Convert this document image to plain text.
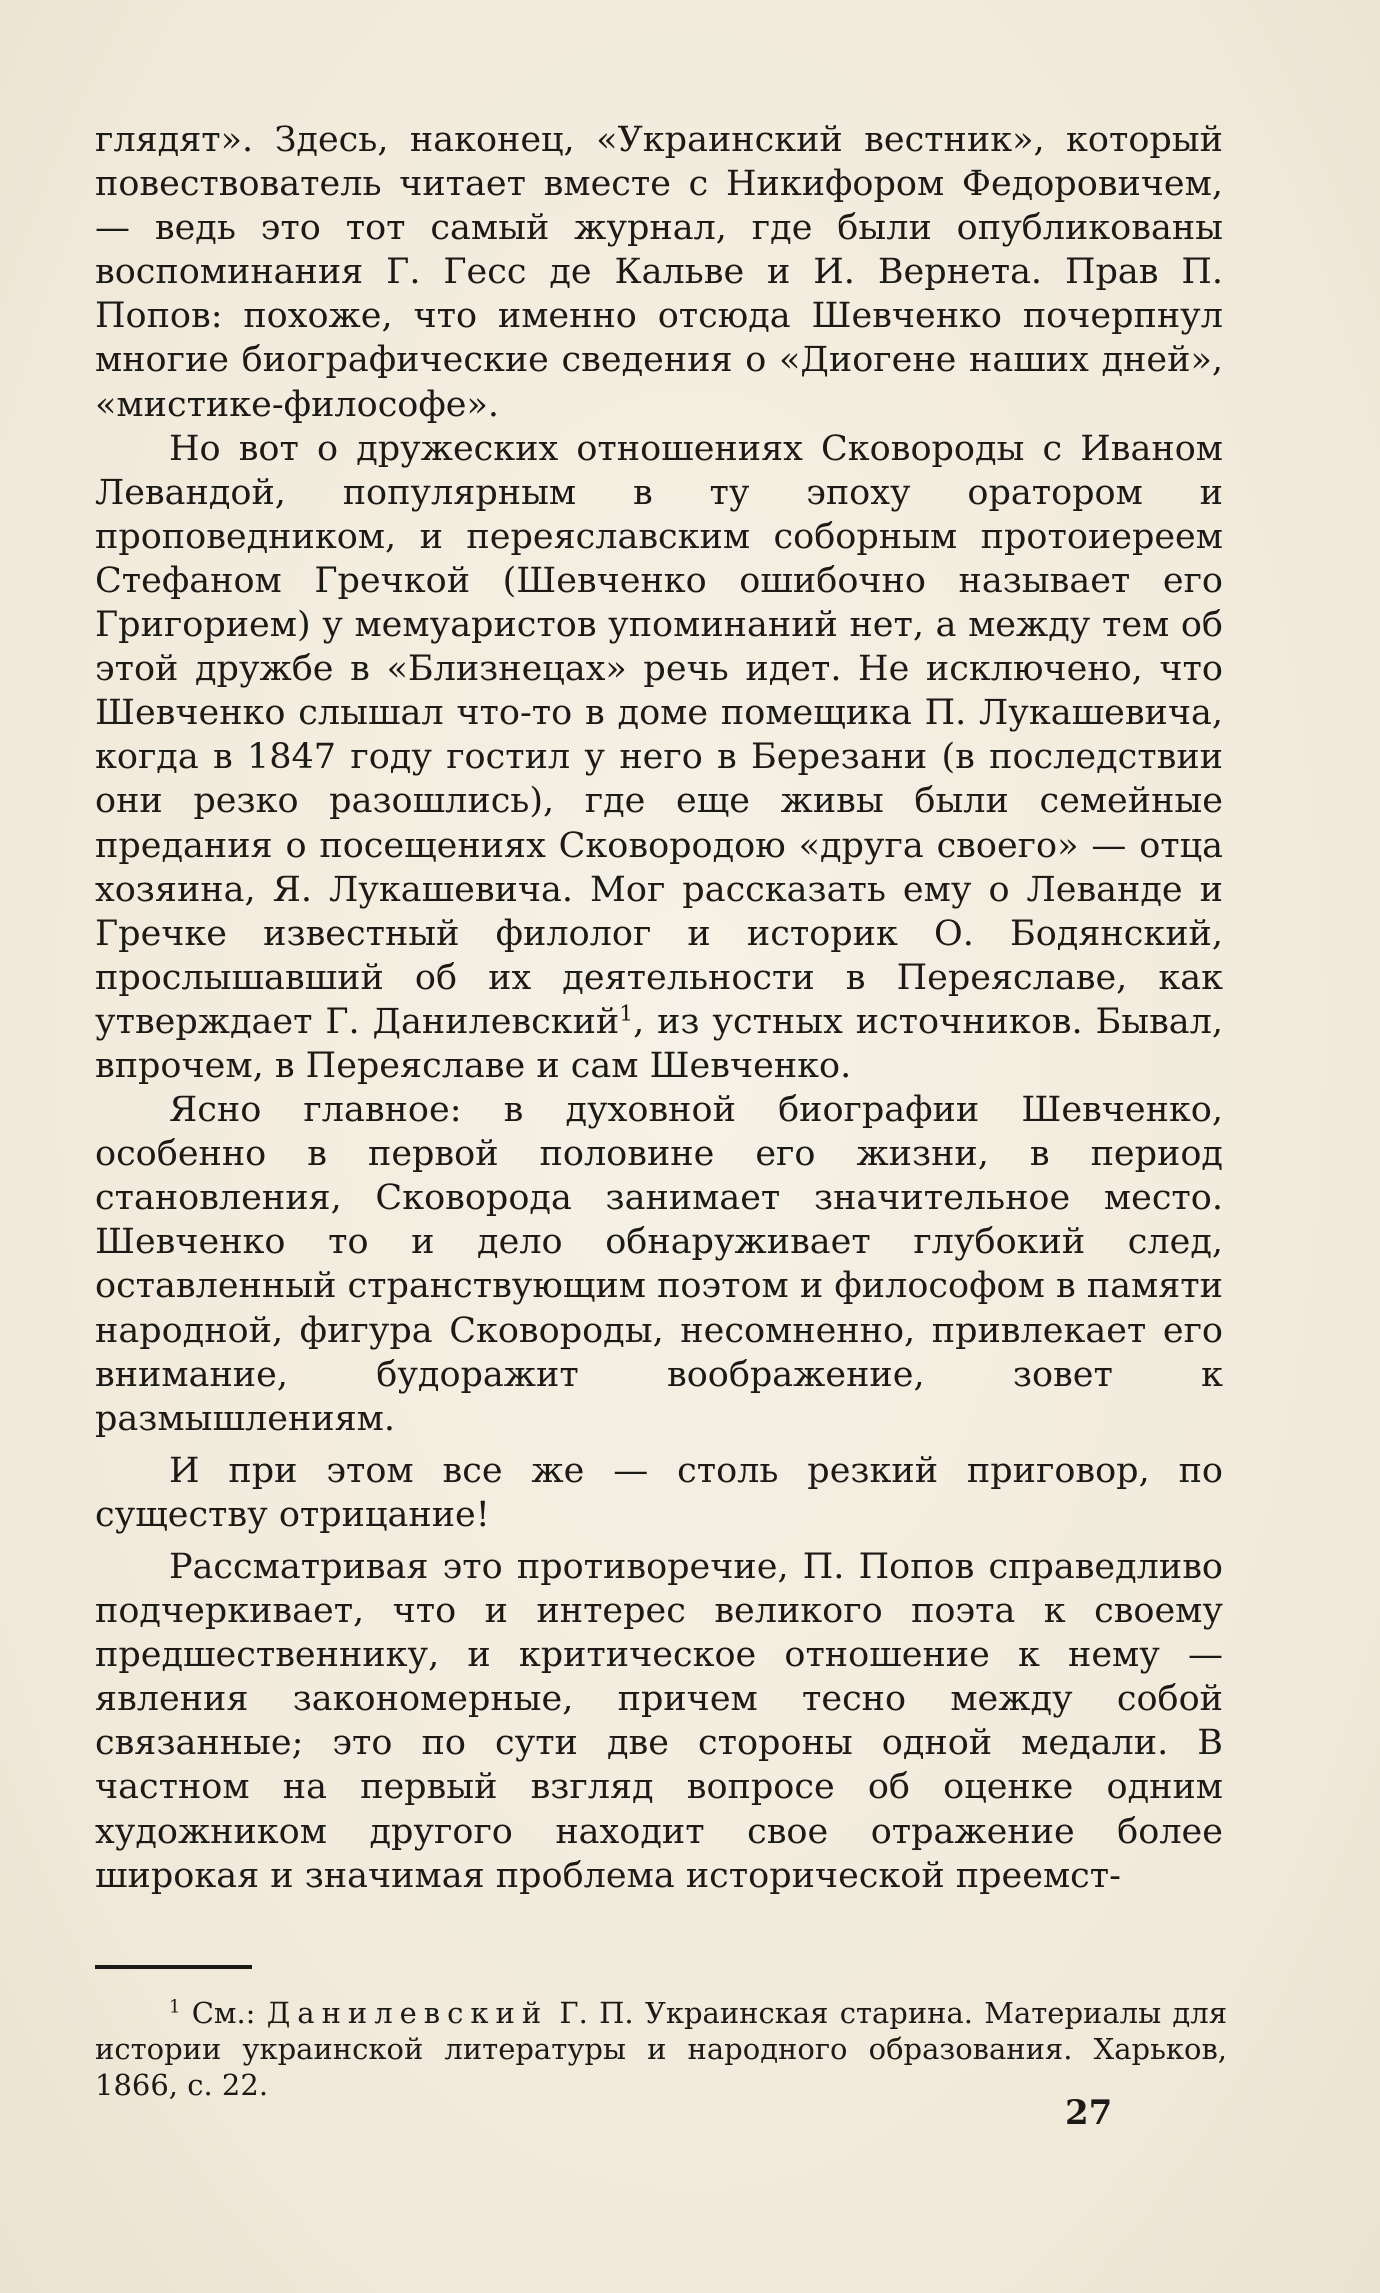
глядят». Здесь, наконец, «Украинский вестник», который повествователь читает вместе с Никифором Федоровичем,— ведь это тот самый журнал, где были опубликованы воспоминания Г. Гесс де Кальве и И. Вернета. Прав П. Попов: похоже, что именно отсюда Шевченко почерпнул многие биографические сведения о «Диогене наших дней», «мистике-философе».

Но вот о дружеских отношениях Сковороды с Иваном Левандой, популярным в ту эпоху оратором и проповедником, и переяславским соборным протоиереем Стефаном Гречкой (Шевченко ошибочно называет его Григорием) у мемуаристов упоминаний нет, а между тем об этой дружбе в «Близнецах» речь идет. Не исключено, что Шевченко слышал что-то в доме помещика П. Лукашевича, когда в 1847 году гостил у него в Березани (в последствии они резко разошлись), где еще живы были семейные предания о посещениях Сковородою «друга своего» — отца хозяина, Я. Лукашевича. Мог рассказать ему о Леванде и Гречке известный филолог и историк О. Бодянский, прослышавший об их деятельности в Переяславе, как утверждает Г. Данилевский$^1$, из устных источников. Бывал, впрочем, в Переяславе и сам Шевченко.

Ясно главное: в духовной биографии Шевченко, особенно в первой половине его жизни, в период становления, Сковорода занимает значительное место. Шевченко то и дело обнаруживает глубокий след, оставленный странствующим поэтом и философом в памяти народной, фигура Сковороды, несомненно, привлекает его внимание, будоражит воображение, зовет к размышлениям.

И при этом все же — столь резкий приговор, по существу отрицание!

Рассматривая это противоречие, П. Попов справедливо подчеркивает, что и интерес великого поэта к своему предшественнику, и критическое отношение к нему — явления закономерные, причем тесно между собой связанные; это по сути две стороны одной медали. В частном на первый взгляд вопросе об оценке одним художником другого находит свое отражение более широкая и значимая проблема исторической преемст-

$^1$ См.: Данилевский Г. П. Украинская старина. Материалы для истории украинской литературы и народного образования. Харьков, 1866, с. 22.
27
